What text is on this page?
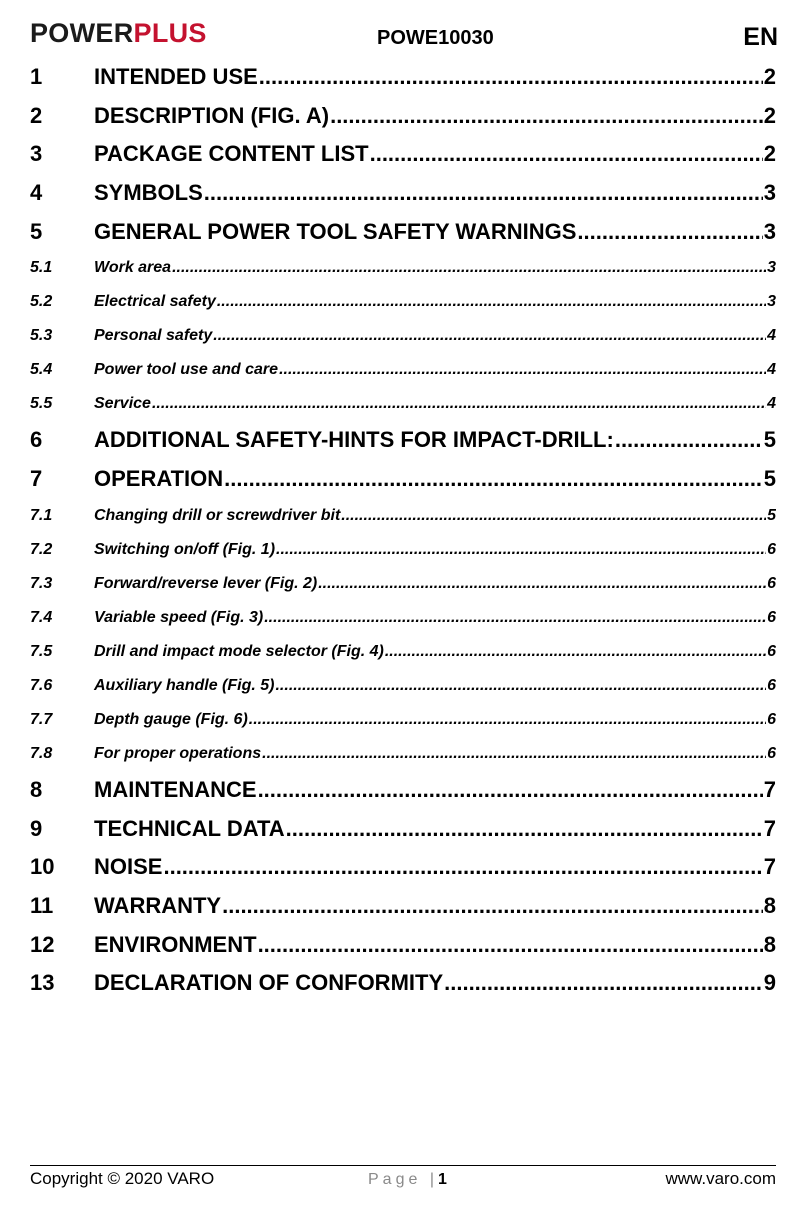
POWERPLUS	POWE10030	EN
1	INTENDED USE .....	2
2	DESCRIPTION (FIG. A) .....	2
3	PACKAGE CONTENT LIST .....	2
4	SYMBOLS .....	3
5	GENERAL POWER TOOL SAFETY WARNINGS .....	3
5.1	Work area .....	3
5.2	Electrical safety .....	3
5.3	Personal safety .....	4
5.4	Power tool use and care .....	4
5.5	Service .....	4
6	ADDITIONAL SAFETY-HINTS FOR IMPACT-DRILL: .....	5
7	OPERATION .....	5
7.1	Changing drill or screwdriver bit .....	5
7.2	Switching on/off (Fig. 1) .....	6
7.3	Forward/reverse lever (Fig. 2) .....	6
7.4	Variable speed (Fig. 3) .....	6
7.5	Drill and impact mode selector (Fig. 4) .....	6
7.6	Auxiliary handle (Fig. 5) .....	6
7.7	Depth gauge (Fig. 6) .....	6
7.8	For proper operations .....	6
8	MAINTENANCE .....	7
9	TECHNICAL DATA .....	7
10	NOISE .....	7
11	WARRANTY .....	8
12	ENVIRONMENT .....	8
13	DECLARATION OF CONFORMITY .....	9
Copyright © 2020 VARO	Page |1	www.varo.com
